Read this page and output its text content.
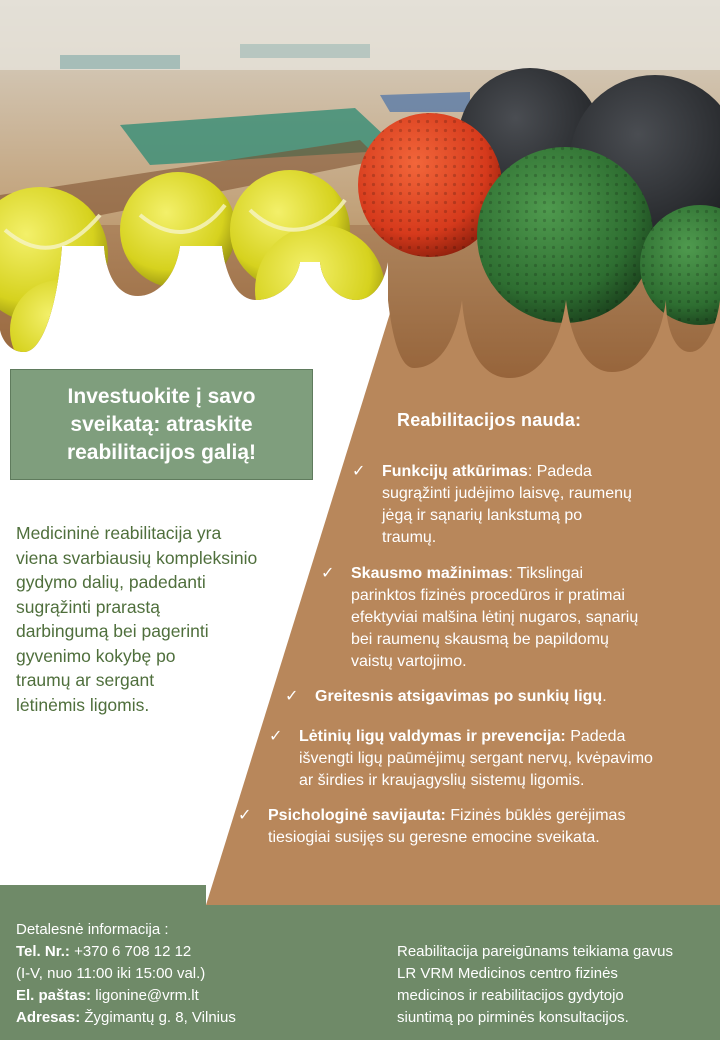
Investuokite į savo
sveikatą: atraskite
reabilitacijos galią!
Medicininė reabilitacija yra
viena svarbiausių kompleksinio
gydymo dalių, padedanti
sugrąžinti prarastą
darbingumą bei pagerinti
gyvenimo kokybę po
traumų ar sergant
lėtinėmis ligomis.
Reabilitacijos nauda:
✓ Funkcijų atkūrimas: Padeda
sugrąžinti judėjimo laisvę, raumenų
jėgą ir sąnarių lankstumą po
traumų.
✓ Skausmo mažinimas: Tikslingai
parinktos fizinės procedūros ir pratimai
efektyviai malšina lėtinį nugaros, sąnarių
bei raumenų skausmą be papildomų
vaistų vartojimo.
✓ Greitesnis atsigavimas po sunkių ligų.
✓ Lėtinių ligų valdymas ir prevencija: Padeda
išvengti ligų paūmėjimų sergant nervų, kvėpavimo
ar širdies ir kraujagyslių sistemų ligomis.
✓ Psichologinė savijauta: Fizinės būklės gerėjimas
tiesiogiai susijęs su geresne emocine sveikata.
Detalesnė informacija :
Tel. Nr.: +370 6 708 12 12
(I-V, nuo 11:00 iki 15:00 val.)
El. paštas: ligonine@vrm.lt
Adresas: Žygimantų g. 8, Vilnius
Reabilitacija pareigūnams teikiama gavus
LR VRM Medicinos centro fizinės
medicinos ir reabilitacijos gydytojo
siuntimą po pirminės konsultacijos.
